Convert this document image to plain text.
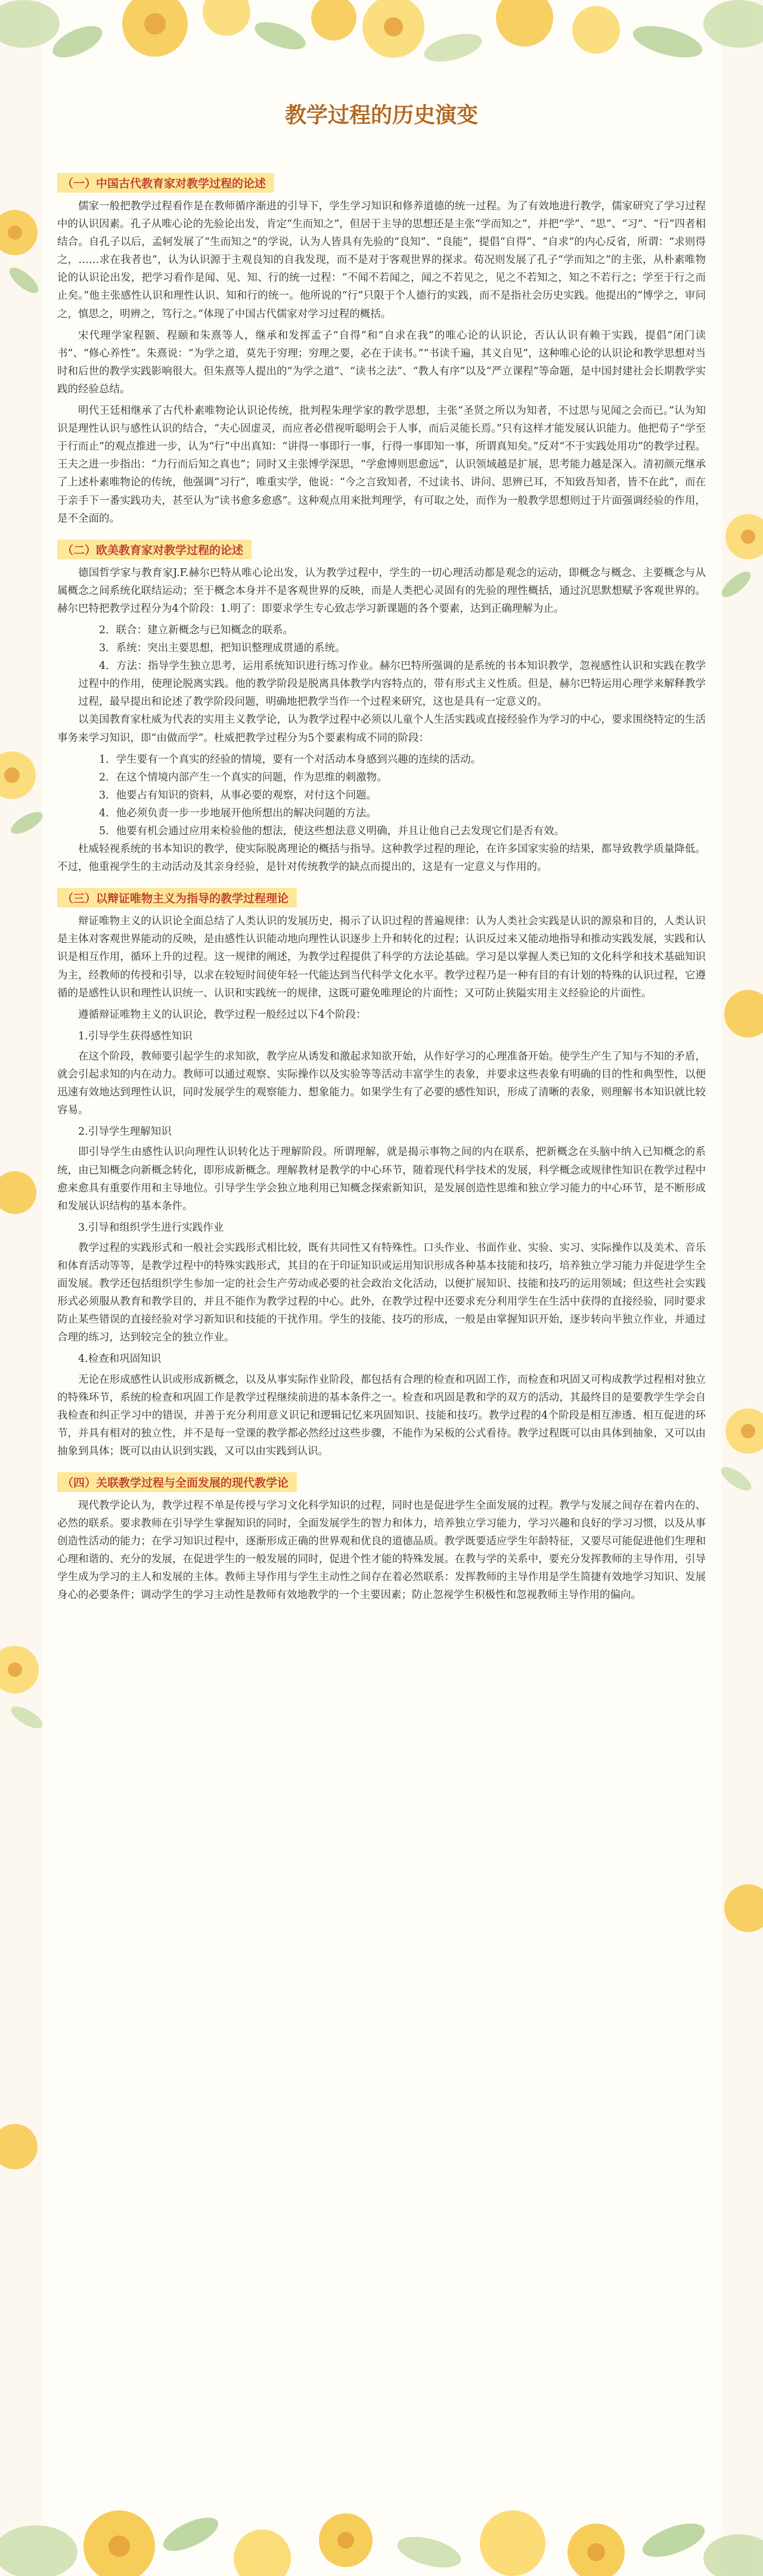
教学过程的历史演变
（一）中国古代教育家对教学过程的论述

儒家一般把教学过程看作是在教师循序渐进的引导下，学生学习知识和修养道德的统一过程。为了有效地进行教学，儒家研究了学习过程中的认识因素。孔子从唯心论的先验论出发，肯定“生而知之”，但居于主导的思想还是主张“学而知之”，并把“学”、“思”、“习”、“行”四者相结合。自孔子以后，孟轲发展了“生而知之”的学说，认为人皆具有先验的“良知”、“良能”，提倡“自得”、“自求”的内心反省，所谓：“求则得之，……求在我者也”，认为认识源于主观良知的自我发现，而不是对于客观世界的探求。荀况则发展了孔子“学而知之”的主张，从朴素唯物论的认识论出发，把学习看作是闻、见、知、行的统一过程：“不闻不若闻之，闻之不若见之，见之不若知之，知之不若行之；学至于行之而止矣。”他主张感性认识和理性认识、知和行的统一。他所说的“行”只限于个人德行的实践，而不是指社会历史实践。他提出的“博学之，审问之，慎思之，明辨之，笃行之。”体现了中国古代儒家对学习过程的概括。

宋代理学家程颢、程颐和朱熹等人，继承和发挥孟子“自得”和“自求在我”的唯心论的认识论，否认认识有赖于实践，提倡“闭门读书”、“修心养性”。朱熹说：“为学之道，莫先于穷理；穷理之要，必在于读书。”“书读千遍，其义自见”，这种唯心论的认识论和教学思想对当时和后世的教学实践影响很大。但朱熹等人提出的“为学之道”、“读书之法”、“教人有序”以及“严立课程”等命题，是中国封建社会长期教学实践的经验总结。

明代王廷相继承了古代朴素唯物论认识论传统，批判程朱理学家的教学思想，主张“圣贤之所以为知者，不过思与见闻之会而已。”认为知识是理性认识与感性认识的结合，“夫心固虚灵，而应者必借视听聪明会于人事，而后灵能长焉。”只有这样才能发展认识能力。他把荀子“学至于行而止”的观点推进一步，认为“行”中出真知：“讲得一事即行一事，行得一事即知一事，所谓真知矣。”反对“不于实践处用功”的教学过程。王夫之进一步指出：“力行而后知之真也”；同时又主张博学深思，“学愈博则思愈远”，认识领域越是扩展，思考能力越是深入。清初颜元继承了上述朴素唯物论的传统，他强调“习行”，唯重实学，他说：“今之言致知者，不过读书、讲问、思辨已耳，不知致吾知者，皆不在此”，而在于亲手下一番实践功夫，甚至认为“读书愈多愈惑”。这种观点用来批判理学，有可取之处，而作为一般教学思想则过于片面强调经验的作用，是不全面的。

（二）欧美教育家对教学过程的论述

德国哲学家与教育家J.F.赫尔巴特从唯心论出发，认为教学过程中，学生的一切心理活动都是观念的运动，即概念与概念、主要概念与从属概念之间系统化联结运动；至于概念本身并不是客观世界的反映，而是人类把心灵固有的先验的理性概括，通过沉思默想赋予客观世界的。赫尔巴特把教学过程分为4个阶段：1.明了：即要求学生专心致志学习新课题的各个要素，达到正确理解为止。

2．联合：建立新概念与已知概念的联系。

3．系统：突出主要思想，把知识整理成贯通的系统。

4．方法：指导学生独立思考，运用系统知识进行练习作业。赫尔巴特所强调的是系统的书本知识教学，忽视感性认识和实践在教学过程中的作用，使理论脱离实践。他的教学阶段是脱离具体教学内容特点的，带有形式主义性质。但是，赫尔巴特运用心理学来解释教学过程，最早提出和论述了教学阶段问题，明确地把教学当作一个过程来研究，这也是具有一定意义的。

以美国教育家杜威为代表的实用主义教学论，认为教学过程中必须以儿童个人生活实践或直接经验作为学习的中心，要求围绕特定的生活事务来学习知识，即“由做而学”。杜威把教学过程分为5个要素构成不同的阶段：

1．学生要有一个真实的经验的情境，要有一个对活动本身感到兴趣的连续的活动。

2．在这个情境内部产生一个真实的问题，作为思维的刺激物。

3．他要占有知识的资料，从事必要的观察，对付这个问题。

4．他必须负责一步一步地展开他所想出的解决问题的方法。

5．他要有机会通过应用来检验他的想法，使这些想法意义明确，并且让他自己去发现它们是否有效。

杜威轻视系统的书本知识的教学，使实际脱离理论的概括与指导。这种教学过程的理论，在许多国家实验的结果，都导致教学质量降低。不过，他重视学生的主动活动及其亲身经验，是针对传统教学的缺点而提出的，这是有一定意义与作用的。

（三）以辩证唯物主义为指导的教学过程理论

辩证唯物主义的认识论全面总结了人类认识的发展历史，揭示了认识过程的普遍规律：认为人类社会实践是认识的源泉和目的，人类认识是主体对客观世界能动的反映，是由感性认识能动地向理性认识逐步上升和转化的过程；认识反过来又能动地指导和推动实践发展，实践和认识是相互作用，循环上升的过程。这一规律的阐述，为教学过程提供了科学的方法论基础。学习是以掌握人类已知的文化科学和技术基础知识为主，经教师的传授和引导，以求在较短时间使年轻一代能达到当代科学文化水平。教学过程乃是一种有目的有计划的特殊的认识过程，它遵循的是感性认识和理性认识统一、认识和实践统一的规律，这既可避免唯理论的片面性；又可防止狭隘实用主义经验论的片面性。

遵循辩证唯物主义的认识论，教学过程一般经过以下4个阶段：

1.引导学生获得感性知识

在这个阶段，教师要引起学生的求知欲，教学应从诱发和激起求知欲开始，从作好学习的心理准备开始。使学生产生了知与不知的矛盾，就会引起求知的内在动力。教师可以通过观察、实际操作以及实验等等活动丰富学生的表象，并要求这些表象有明确的目的性和典型性，以便迅速有效地达到理性认识，同时发展学生的观察能力、想象能力。如果学生有了必要的感性知识，形成了清晰的表象，则理解书本知识就比较容易。

2.引导学生理解知识

即引导学生由感性认识向理性认识转化达于理解阶段。所谓理解，就是揭示事物之间的内在联系，把新概念在头脑中纳入已知概念的系统，由已知概念向新概念转化，即形成新概念。理解教材是教学的中心环节，随着现代科学技术的发展，科学概念或规律性知识在教学过程中愈来愈具有重要作用和主导地位。引导学生学会独立地利用已知概念探索新知识，是发展创造性思维和独立学习能力的中心环节，是不断形成和发展认识结构的基本条件。

3.引导和组织学生进行实践作业

教学过程的实践形式和一般社会实践形式相比较，既有共同性又有特殊性。口头作业、书面作业、实验、实习、实际操作以及美术、音乐和体育活动等等，是教学过程中的特殊实践形式，其目的在于印证知识或运用知识形成各种基本技能和技巧，培养独立学习能力并促进学生全面发展。教学还包括组织学生参加一定的社会生产劳动或必要的社会政治文化活动，以便扩展知识、技能和技巧的运用领域；但这些社会实践形式必须服从教育和教学目的，并且不能作为教学过程的中心。此外，在教学过程中还要求充分利用学生在生活中获得的直接经验，同时要求防止某些错误的直接经验对学习新知识和技能的干扰作用。学生的技能、技巧的形成，一般是由掌握知识开始，逐步转向半独立作业，并通过合理的练习，达到较完全的独立作业。

4.检查和巩固知识

无论在形成感性认识或形成新概念，以及从事实际作业阶段，都包括有合理的检查和巩固工作，而检查和巩固又可构成教学过程相对独立的特殊环节，系统的检查和巩固工作是教学过程继续前进的基本条件之一。检查和巩固是教和学的双方的活动，其最终目的是要教学生学会自我检查和纠正学习中的错误，并善于充分利用意义识记和逻辑记忆来巩固知识、技能和技巧。教学过程的4个阶段是相互渗透、相互促进的环节，并具有相对的独立性，并不是每一堂课的教学都必然经过这些步骤，不能作为呆板的公式看待。教学过程既可以由具体到抽象，又可以由抽象到具体；既可以由认识到实践，又可以由实践到认识。

（四）关联教学过程与全面发展的现代教学论

现代教学论认为，教学过程不单是传授与学习文化科学知识的过程，同时也是促进学生全面发展的过程。教学与发展之间存在着内在的、必然的联系。要求教师在引导学生掌握知识的同时，全面发展学生的智力和体力，培养独立学习能力，学习兴趣和良好的学习习惯，以及从事创造性活动的能力；在学习知识过程中，逐渐形成正确的世界观和优良的道德品质。教学既要适应学生年龄特征，又要尽可能促进他们生理和心理和谐的、充分的发展，在促进学生的一般发展的同时，促进个性才能的特殊发展。在教与学的关系中，要充分发挥教师的主导作用，引导学生成为学习的主人和发展的主体。教师主导作用与学生主动性之间存在着必然联系：发挥教师的主导作用是学生简捷有效地学习知识、发展身心的必要条件；调动学生的学习主动性是教师有效地教学的一个主要因素；防止忽视学生积极性和忽视教师主导作用的偏向。
